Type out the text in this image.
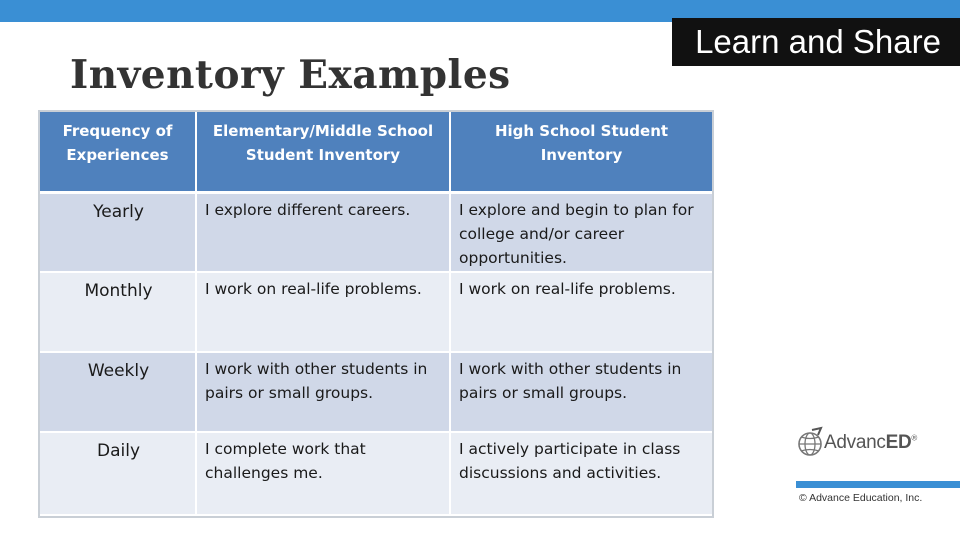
Learn and Share
Inventory Examples
Frequency of Experiences	Elementary/Middle School Student Inventory	High School Student Inventory
Yearly	I explore different careers.	I explore and begin to plan for college and/or career opportunities.
Monthly	I work on real-life problems.	I work on real-life problems.
Weekly	I work with other students in pairs or small groups.	I work with other students in pairs or small groups.
Daily	I complete work that challenges me.	I actively participate in class discussions and activities.
AdvancED®
© Advance Education, Inc.
